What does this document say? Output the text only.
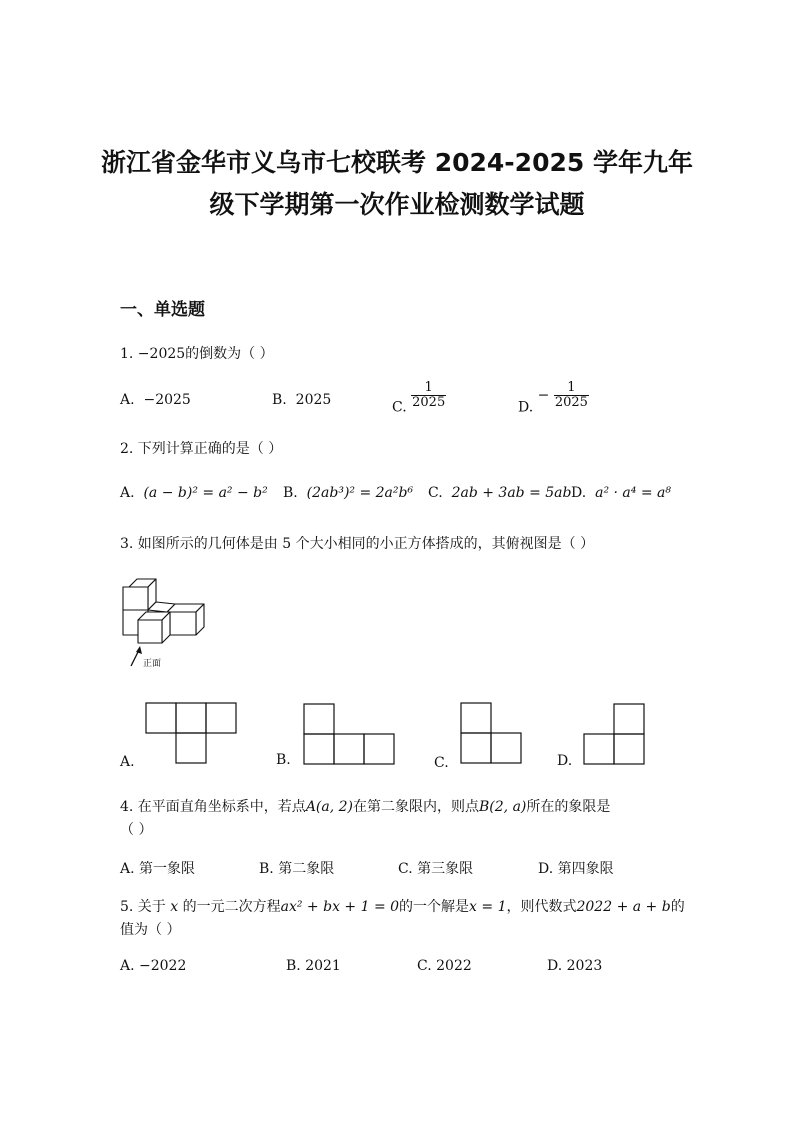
浙江省金华市义乌市七校联考 2024-2025 学年九年
级下学期第一次作业检测数学试题
一、单选题
1. −2025的倒数为（ ）
A. −2025	B. 2025	C. $\frac{1}{2025}$	D. − $\frac{1}{2025}$
2. 下列计算正确的是（ ）
A. (a − b)² = a² − b² B. (2ab³)² = 2a²b⁶ C. 2ab + 3ab = 5ab D. a² · a⁴ = a⁸
3. 如图所示的几何体是由 5 个大小相同的小正方体搭成的，其俯视图是（ ）
正面
A.	B.	C.	D.
4. 在平面直角坐标系中，若点A(a, 2)在第二象限内，则点B(2, a)所在的象限是
（ ）
A. 第一象限	B. 第二象限	C. 第三象限	D. 第四象限
5. 关于 x 的一元二次方程ax² + bx + 1 = 0的一个解是x = 1，则代数式2022 + a + b的
值为（ ）
A. −2022	B. 2021	C. 2022	D. 2023
